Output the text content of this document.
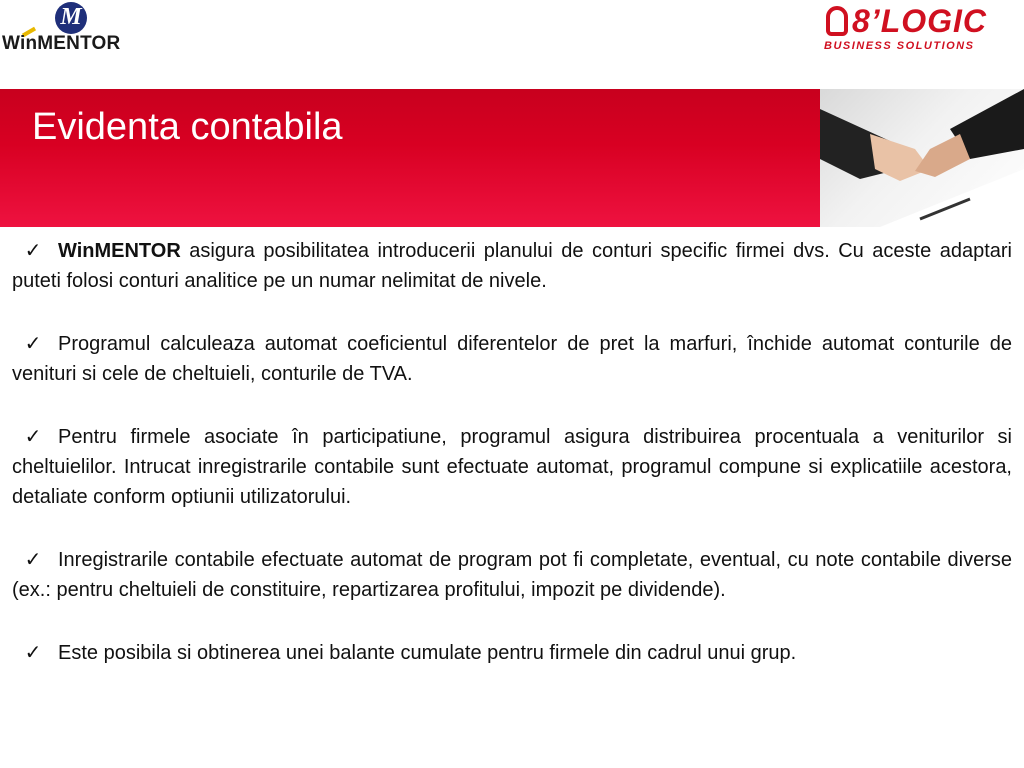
M
WinMENTOR
8’LOGIC
BUSINESS SOLUTIONS
Evidenta contabila

✓ WinMENTOR asigura posibilitatea introducerii planului de conturi specific firmei dvs. Cu aceste adaptari puteti folosi conturi analitice pe un numar nelimitat de nivele.

✓ Programul calculeaza automat coeficientul diferentelor de pret la marfuri, închide automat conturile de venituri si cele de cheltuieli, conturile de TVA.

✓ Pentru firmele asociate în participatiune, programul asigura distribuirea procentuala a veniturilor si cheltuielilor. Intrucat inregistrarile contabile sunt efectuate automat, programul compune si explicatiile acestora, detaliate conform optiunii utilizatorului.

✓ Inregistrarile contabile efectuate automat de program pot fi completate, eventual, cu note contabile diverse (ex.: pentru cheltuieli de constituire, repartizarea profitului, impozit pe dividende).

✓ Este posibila si obtinerea unei balante cumulate pentru firmele din cadrul unui grup.
